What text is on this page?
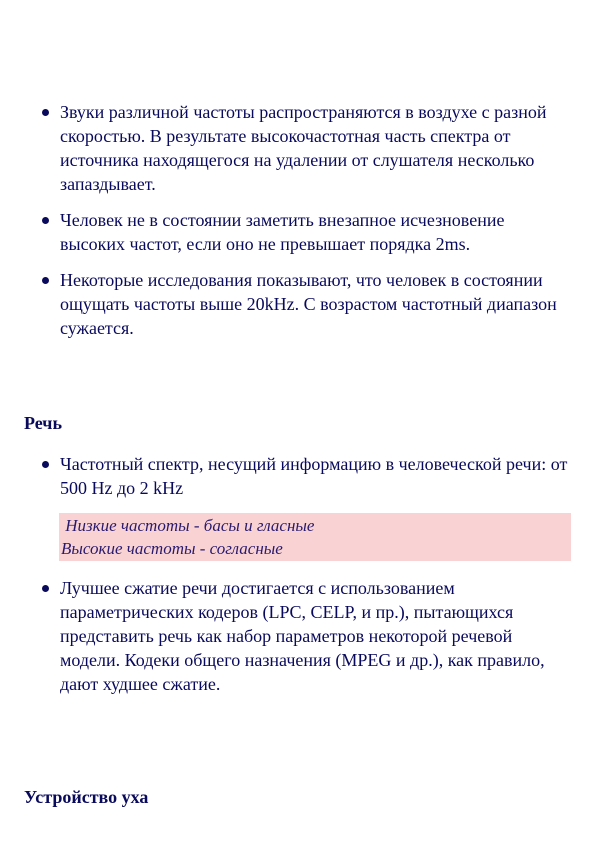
Звуки различной частоты распространяются в воздухе с разной скоростью. В результате высокочастотная часть спектра от источника находящегося на удалении от слушателя несколько запаздывает.
Человек не в состоянии заметить внезапное исчезновение высоких частот, если оно не превышает порядка 2ms.
Некоторые исследования показывают, что человек в состоянии ощущать частоты выше 20kHz. С возрастом частотный диапазон сужается.
Речь
Частотный спектр, несущий информацию в человеческой речи: от 500 Hz до 2 kHz
Низкие частоты - басы и гласные
Высокие частоты - согласные
Лучшее сжатие речи достигается с использованием параметрических кодеров (LPC, CELP, и пр.), пытающихся представить речь как набор параметров некоторой речевой модели. Кодеки общего назначения (MPEG и др.), как правило, дают худшее сжатие.
Устройство уха
